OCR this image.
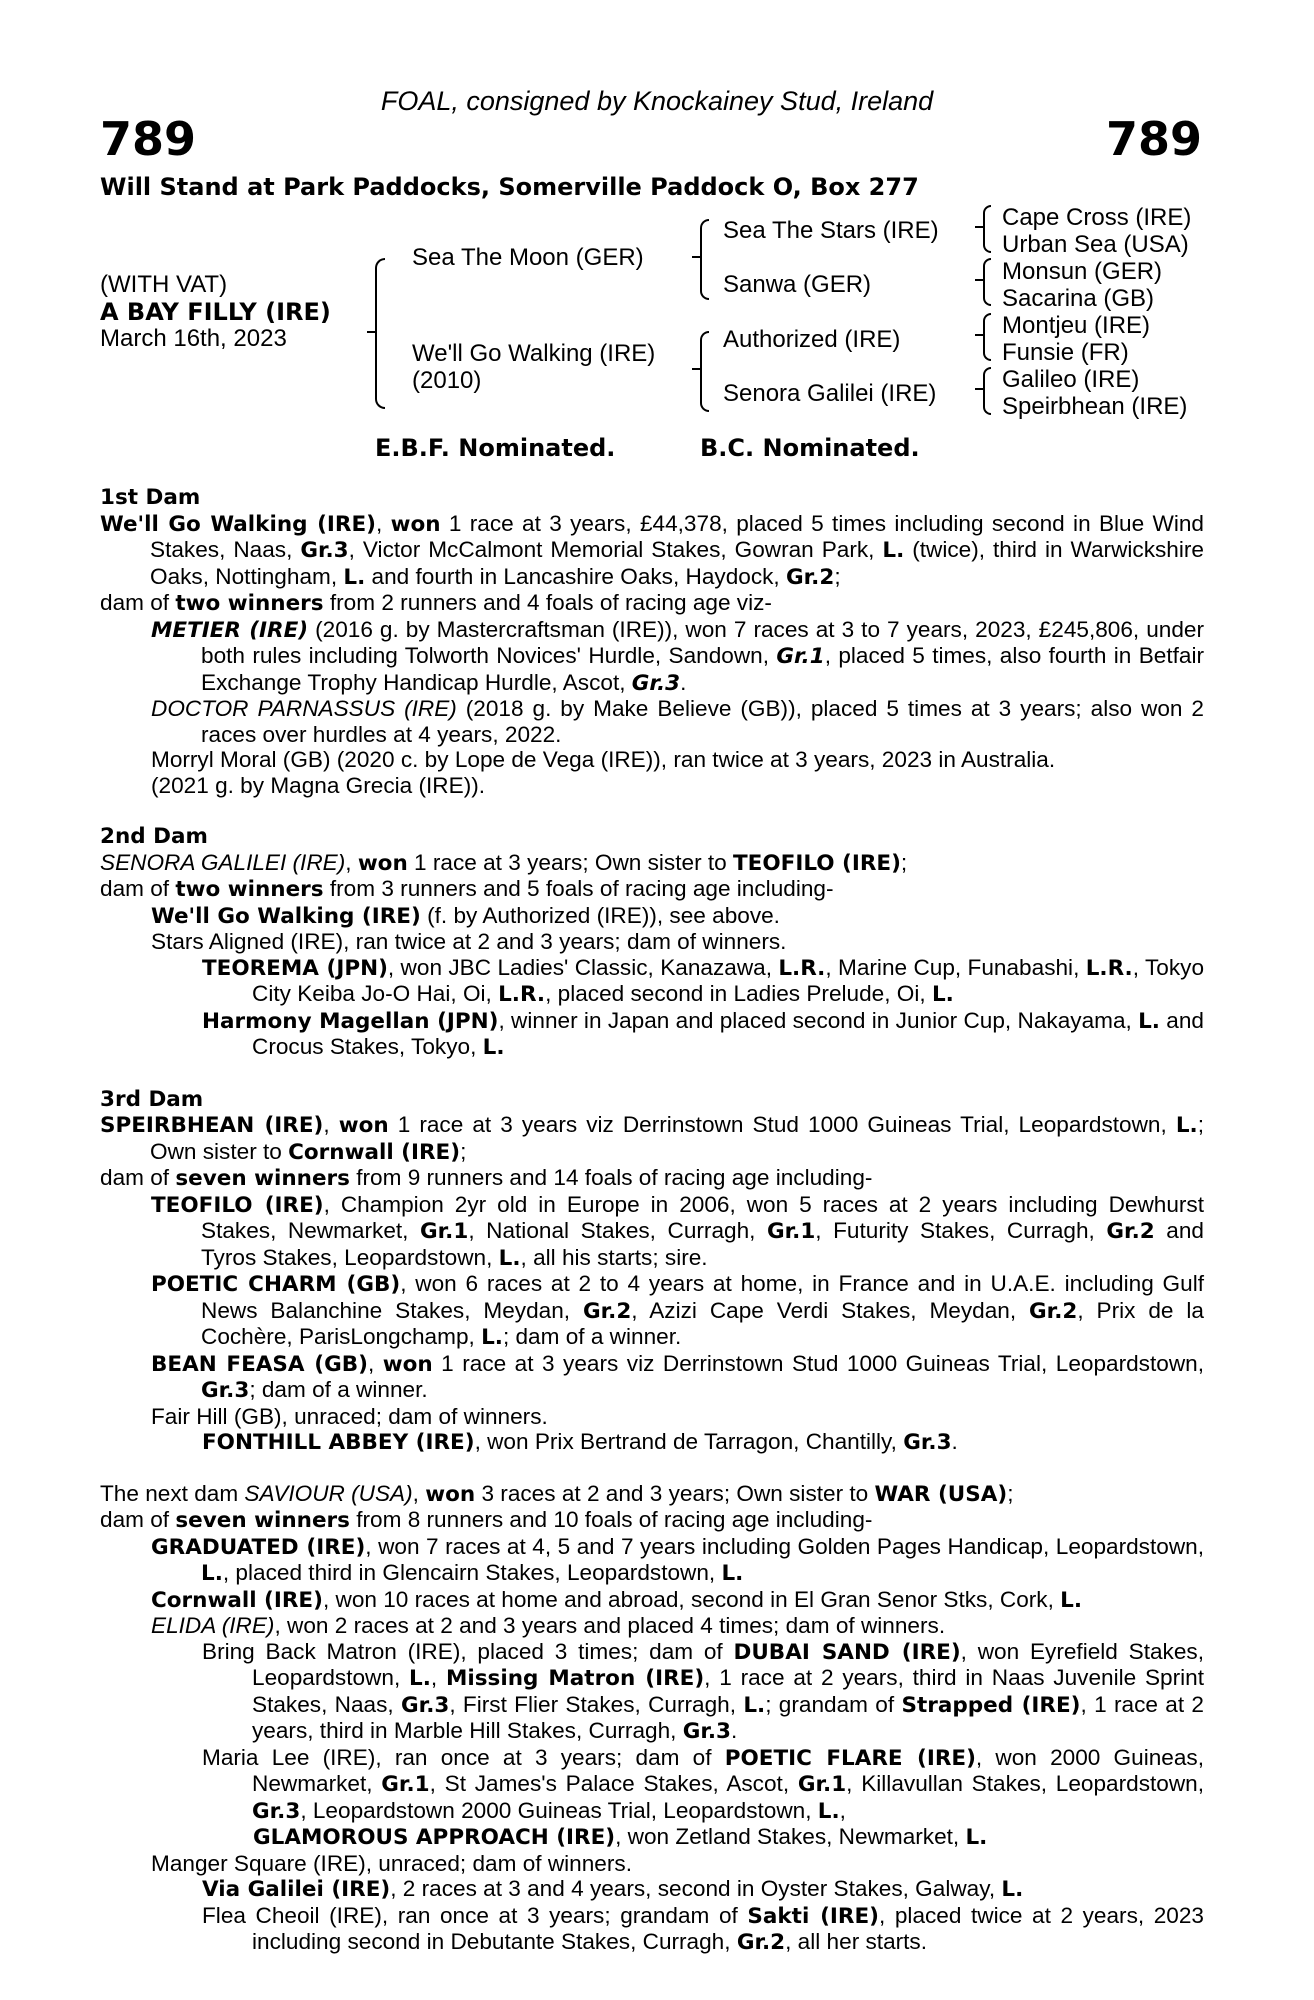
FOAL, consigned by Knockainey Stud, Ireland
789	789
Will Stand at Park Paddocks, Somerville Paddock O, Box 277
(WITH VAT)
A BAY FILLY (IRE)
March 16th, 2023
Sea The Moon (GER)
We'll Go Walking (IRE)
(2010)
Sea The Stars (IRE)
Sanwa (GER)
Authorized (IRE)
Senora Galilei (IRE)
Cape Cross (IRE)
Urban Sea (USA)
Monsun (GER)
Sacarina (GB)
Montjeu (IRE)
Funsie (FR)
Galileo (IRE)
Speirbhean (IRE)
E.B.F. Nominated.	B.C. Nominated.

1st Dam

We'll Go Walking (IRE), won 1 race at 3 years, £44,378, placed 5 times including second in Blue Wind Stakes, Naas, Gr.3, Victor McCalmont Memorial Stakes, Gowran Park, L. (twice), third in Warwickshire Oaks, Nottingham, L. and fourth in Lancashire Oaks, Haydock, Gr.2;

dam of two winners from 2 runners and 4 foals of racing age viz-

METIER (IRE) (2016 g. by Mastercraftsman (IRE)), won 7 races at 3 to 7 years, 2023, £245,806, under both rules including Tolworth Novices' Hurdle, Sandown, Gr.1, placed 5 times, also fourth in Betfair Exchange Trophy Handicap Hurdle, Ascot, Gr.3.

DOCTOR PARNASSUS (IRE) (2018 g. by Make Believe (GB)), placed 5 times at 3 years; also won 2 races over hurdles at 4 years, 2022.

Morryl Moral (GB) (2020 c. by Lope de Vega (IRE)), ran twice at 3 years, 2023 in Australia.

(2021 g. by Magna Grecia (IRE)).

2nd Dam

SENORA GALILEI (IRE), won 1 race at 3 years; Own sister to TEOFILO (IRE);

dam of two winners from 3 runners and 5 foals of racing age including-

We'll Go Walking (IRE) (f. by Authorized (IRE)), see above.

Stars Aligned (IRE), ran twice at 2 and 3 years; dam of winners.

TEOREMA (JPN), won JBC Ladies' Classic, Kanazawa, L.R., Marine Cup, Funabashi, L.R., Tokyo City Keiba Jo-O Hai, Oi, L.R., placed second in Ladies Prelude, Oi, L.

Harmony Magellan (JPN), winner in Japan and placed second in Junior Cup, Nakayama, L. and Crocus Stakes, Tokyo, L.

3rd Dam

SPEIRBHEAN (IRE), won 1 race at 3 years viz Derrinstown Stud 1000 Guineas Trial, Leopardstown, L.; Own sister to Cornwall (IRE);

dam of seven winners from 9 runners and 14 foals of racing age including-

TEOFILO (IRE), Champion 2yr old in Europe in 2006, won 5 races at 2 years including Dewhurst Stakes, Newmarket, Gr.1, National Stakes, Curragh, Gr.1, Futurity Stakes, Curragh, Gr.2 and Tyros Stakes, Leopardstown, L., all his starts; sire.

POETIC CHARM (GB), won 6 races at 2 to 4 years at home, in France and in U.A.E. including Gulf News Balanchine Stakes, Meydan, Gr.2, Azizi Cape Verdi Stakes, Meydan, Gr.2, Prix de la Cochère, ParisLongchamp, L.; dam of a winner.

BEAN FEASA (GB), won 1 race at 3 years viz Derrinstown Stud 1000 Guineas Trial, Leopardstown, Gr.3; dam of a winner.

Fair Hill (GB), unraced; dam of winners.

FONTHILL ABBEY (IRE), won Prix Bertrand de Tarragon, Chantilly, Gr.3.

The next dam SAVIOUR (USA), won 3 races at 2 and 3 years; Own sister to WAR (USA);

dam of seven winners from 8 runners and 10 foals of racing age including-

GRADUATED (IRE), won 7 races at 4, 5 and 7 years including Golden Pages Handicap, Leopardstown, L., placed third in Glencairn Stakes, Leopardstown, L.

Cornwall (IRE), won 10 races at home and abroad, second in El Gran Senor Stks, Cork, L.

ELIDA (IRE), won 2 races at 2 and 3 years and placed 4 times; dam of winners.

Bring Back Matron (IRE), placed 3 times; dam of DUBAI SAND (IRE), won Eyrefield Stakes, Leopardstown, L., Missing Matron (IRE), 1 race at 2 years, third in Naas Juvenile Sprint Stakes, Naas, Gr.3, First Flier Stakes, Curragh, L.; grandam of Strapped (IRE), 1 race at 2 years, third in Marble Hill Stakes, Curragh, Gr.3.

Maria Lee (IRE), ran once at 3 years; dam of POETIC FLARE (IRE), won 2000 Guineas, Newmarket, Gr.1, St James's Palace Stakes, Ascot, Gr.1, Killavullan Stakes, Leopardstown, Gr.3, Leopardstown 2000 Guineas Trial, Leopardstown, L.,

GLAMOROUS APPROACH (IRE), won Zetland Stakes, Newmarket, L.

Manger Square (IRE), unraced; dam of winners.

Via Galilei (IRE), 2 races at 3 and 4 years, second in Oyster Stakes, Galway, L.

Flea Cheoil (IRE), ran once at 3 years; grandam of Sakti (IRE), placed twice at 2 years, 2023 including second in Debutante Stakes, Curragh, Gr.2, all her starts.
